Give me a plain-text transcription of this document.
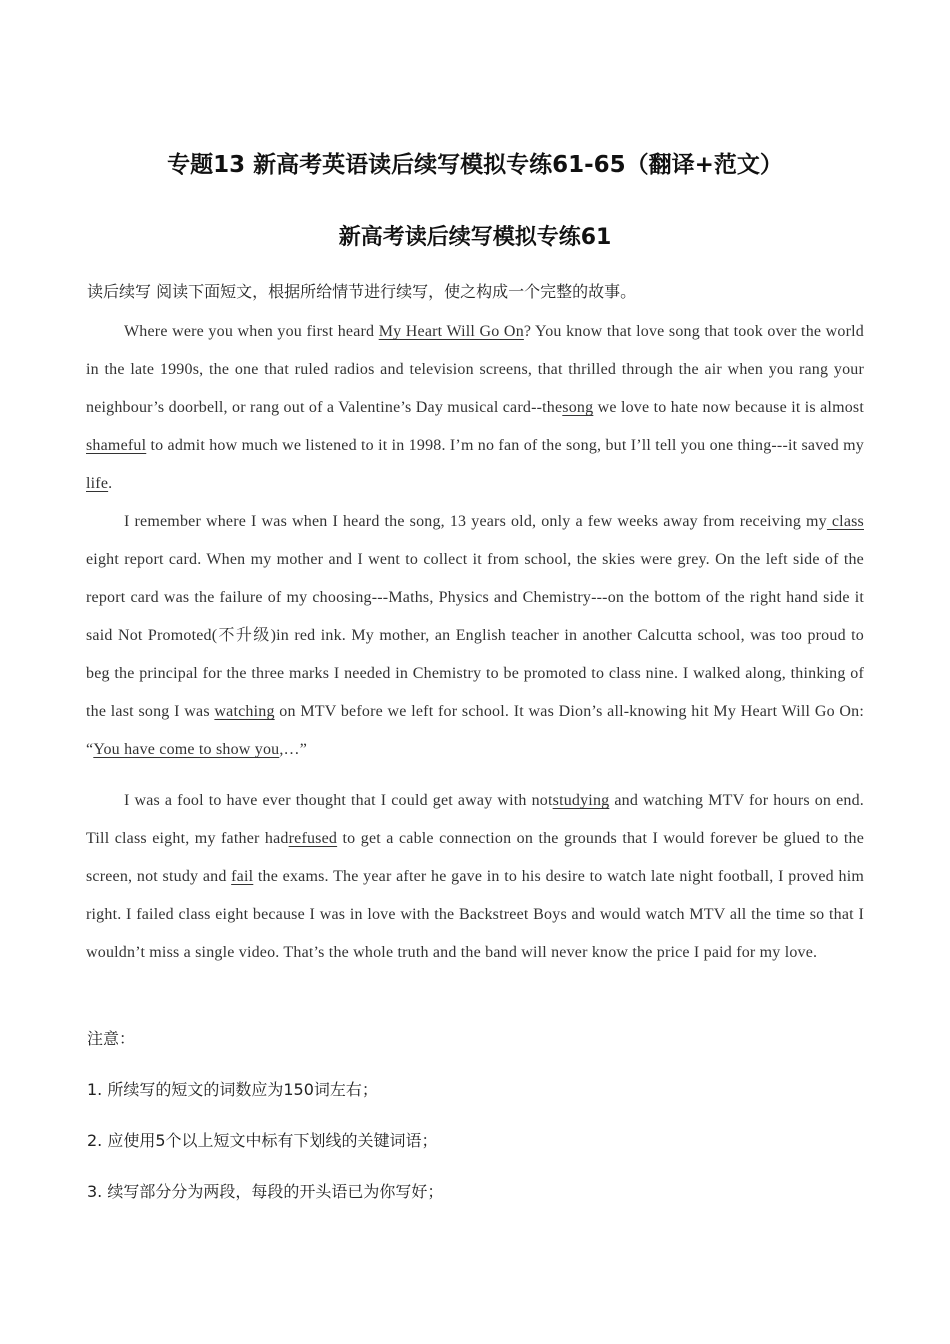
专题13 新高考英语读后续写模拟专练61-65（翻译+范文）
新高考读后续写模拟专练61
读后续写 阅读下面短文，根据所给情节进行续写，使之构成一个完整的故事。

Where were you when you first heard My Heart Will Go On? You know that love song that took over the world in the late 1990s, the one that ruled radios and television screens, that thrilled through the air when you rang your neighbour’s doorbell, or rang out of a Valentine’s Day musical card--thesong we love to hate now because it is almost shameful to admit how much we listened to it in 1998. I’m no fan of the song, but I’ll tell you one thing---it saved my life.

I remember where I was when I heard the song, 13 years old, only a few weeks away from receiving my class eight report card. When my mother and I went to collect it from school, the skies were grey. On the left side of the report card was the failure of my choosing---Maths, Physics and Chemistry---on the bottom of the right hand side it said Not Promoted(不升级)in red ink. My mother, an English teacher in another Calcutta school, was too proud to beg the principal for the three marks I needed in Chemistry to be promoted to class nine. I walked along, thinking of the last song I was watching on MTV before we left for school. It was Dion’s all-knowing hit My Heart Will Go On: “You have come to show you,…”

I was a fool to have ever thought that I could get away with notstudying and watching MTV for hours on end. Till class eight, my father hadrefused to get a cable connection on the grounds that I would forever be glued to the screen, not study and fail the exams. The year after he gave in to his desire to watch late night football, I proved him right. I failed class eight because I was in love with the Backstreet Boys and would watch MTV all the time so that I wouldn’t miss a single video. That’s the whole truth and the band will never know the price I paid for my love.

注意：
1. 所续写的短文的词数应为150词左右；
2. 应使用5个以上短文中标有下划线的关键词语；
3. 续写部分分为两段，每段的开头语已为你写好；
